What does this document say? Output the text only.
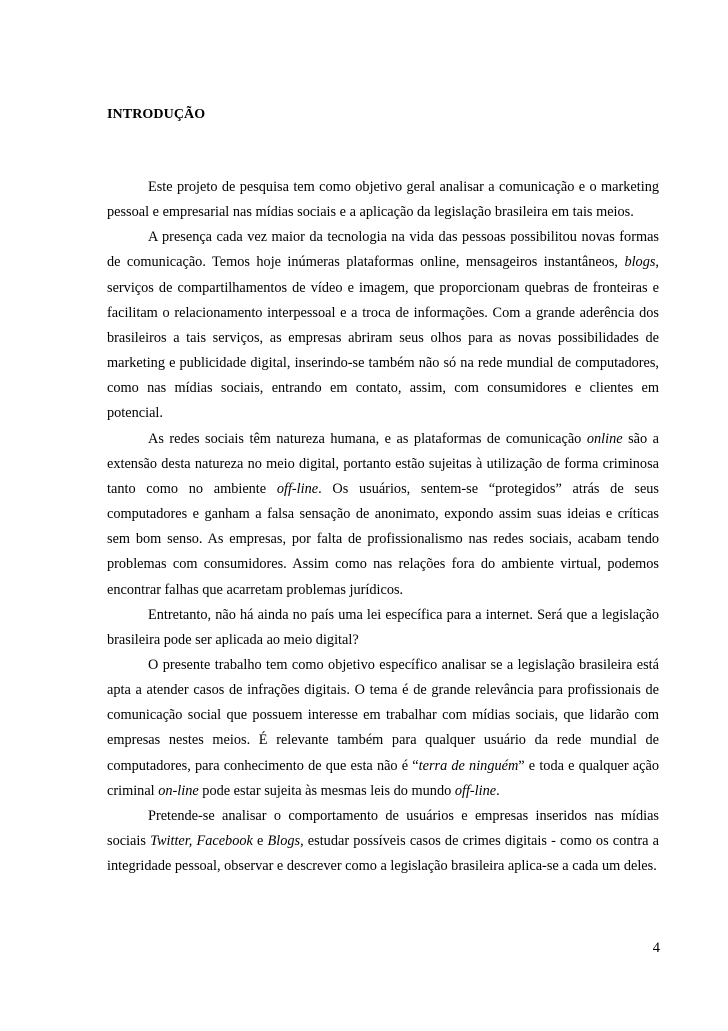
INTRODUÇÃO

Este projeto de pesquisa tem como objetivo geral analisar a comunicação e o marketing pessoal e empresarial nas mídias sociais e a aplicação da legislação brasileira em tais meios.

A presença cada vez maior da tecnologia na vida das pessoas possibilitou novas formas de comunicação. Temos hoje inúmeras plataformas online, mensageiros instantâneos, blogs, serviços de compartilhamentos de vídeo e imagem, que proporcionam quebras de fronteiras e facilitam o relacionamento interpessoal e a troca de informações. Com a grande aderência dos brasileiros a tais serviços, as empresas abriram seus olhos para as novas possibilidades de marketing e publicidade digital, inserindo-se também não só na rede mundial de computadores, como nas mídias sociais, entrando em contato, assim, com consumidores e clientes em potencial.

As redes sociais têm natureza humana, e as plataformas de comunicação online são a extensão desta natureza no meio digital, portanto estão sujeitas à utilização de forma criminosa tanto como no ambiente off-line. Os usuários, sentem-se “protegidos” atrás de seus computadores e ganham a falsa sensação de anonimato, expondo assim suas ideias e críticas sem bom senso. As empresas, por falta de profissionalismo nas redes sociais, acabam tendo problemas com consumidores. Assim como nas relações fora do ambiente virtual, podemos encontrar falhas que acarretam problemas jurídicos.

Entretanto, não há ainda no país uma lei específica para a internet. Será que a legislação brasileira pode ser aplicada ao meio digital?

O presente trabalho tem como objetivo específico analisar se a legislação brasileira está apta a atender casos de infrações digitais. O tema é de grande relevância para profissionais de comunicação social que possuem interesse em trabalhar com mídias sociais, que lidarão com empresas nestes meios. É relevante também para qualquer usuário da rede mundial de computadores, para conhecimento de que esta não é “terra de ninguém” e toda e qualquer ação criminal on-line pode estar sujeita às mesmas leis do mundo off-line.

Pretende-se analisar o comportamento de usuários e empresas inseridos nas mídias sociais Twitter, Facebook e Blogs, estudar possíveis casos de crimes digitais - como os contra a integridade pessoal, observar e descrever como a legislação brasileira aplica-se a cada um deles.

4
